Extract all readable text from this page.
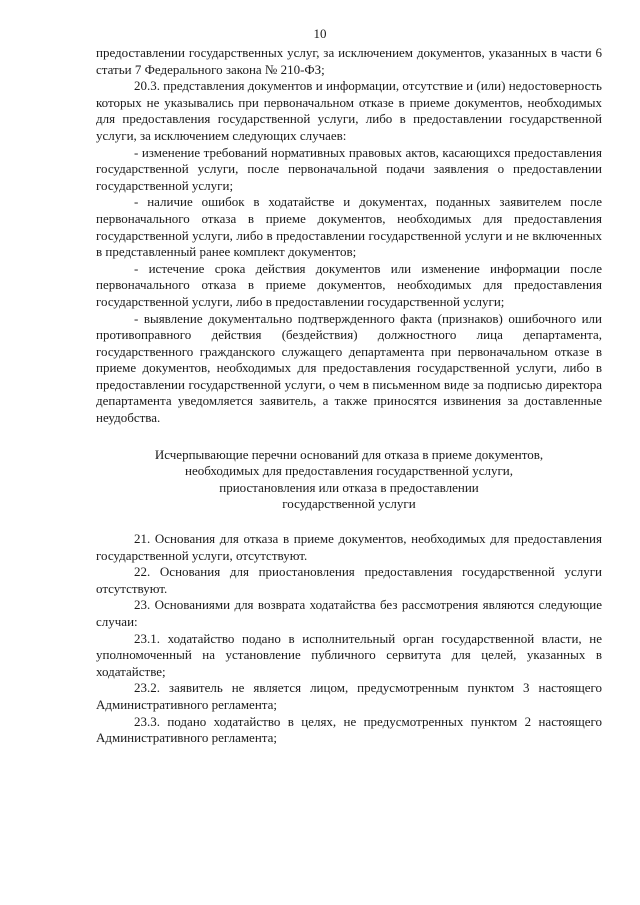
10

предоставлении государственных услуг, за исключением документов, указанных в части 6 статьи 7 Федерального закона № 210-ФЗ;

20.3. представления документов и информации, отсутствие и (или) недостоверность которых не указывались при первоначальном отказе в приеме документов, необходимых для предоставления государственной услуги, либо в предоставлении государственной услуги, за исключением следующих случаев:

- изменение требований нормативных правовых актов, касающихся предоставления государственной услуги, после первоначальной подачи заявления о предоставлении государственной услуги;

- наличие ошибок в ходатайстве и документах, поданных заявителем после первоначального отказа в приеме документов, необходимых для предоставления государственной услуги, либо в предоставлении государственной услуги и не включенных в представленный ранее комплект документов;

- истечение срока действия документов или изменение информации после первоначального отказа в приеме документов, необходимых для предоставления государственной услуги, либо в предоставлении государственной услуги;

- выявление документально подтвержденного факта (признаков) ошибочного или противоправного действия (бездействия) должностного лица департамента, государственного гражданского служащего департамента при первоначальном отказе в приеме документов, необходимых для предоставления государственной услуги, либо в предоставлении государственной услуги, о чем в письменном виде за подписью директора департамента уведомляется заявитель, а также приносятся извинения за доставленные неудобства.

Исчерпывающие перечни оснований для отказа в приеме документов,
необходимых для предоставления государственной услуги,
приостановления или отказа в предоставлении
государственной услуги

21. Основания для отказа в приеме документов, необходимых для предоставления государственной услуги, отсутствуют.

22. Основания для приостановления предоставления государственной услуги отсутствуют.

23. Основаниями для возврата ходатайства без рассмотрения являются следующие случаи:

23.1. ходатайство подано в исполнительный орган государственной власти, не уполномоченный на установление публичного сервитута для целей, указанных в ходатайстве;

23.2. заявитель не является лицом, предусмотренным пунктом 3 настоящего Административного регламента;

23.3. подано ходатайство в целях, не предусмотренных пунктом 2 настоящего Административного регламента;
